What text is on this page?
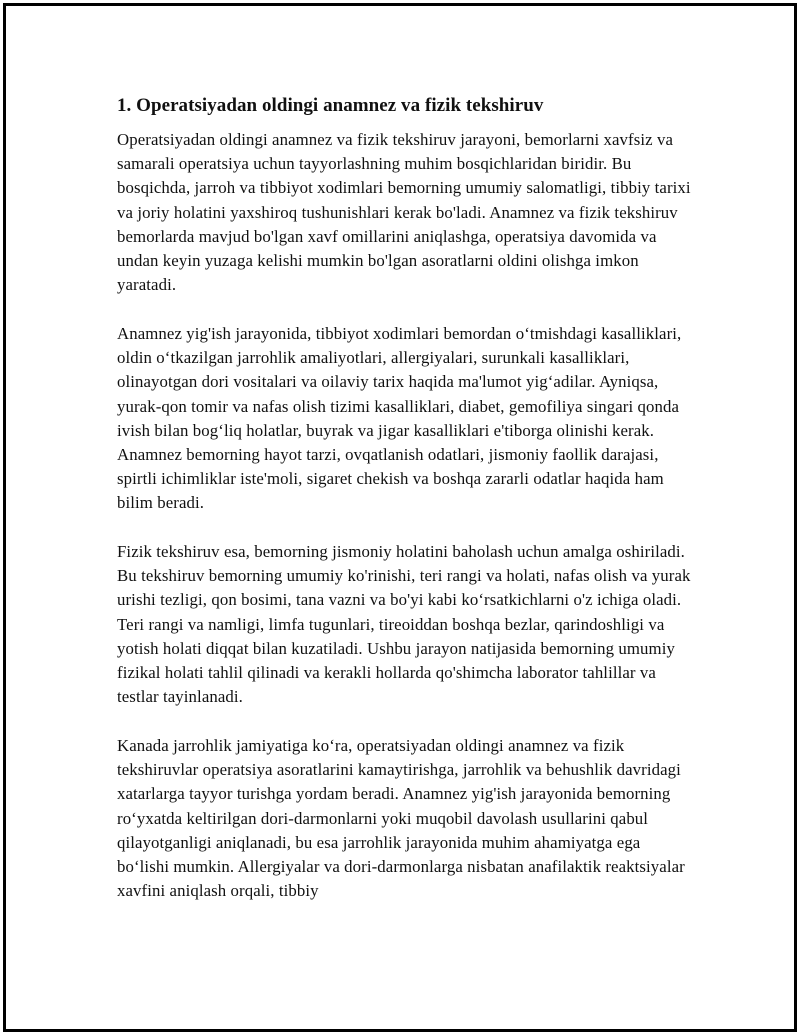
1. Operatsiyadan oldingi anamnez va fizik tekshiruv

Operatsiyadan oldingi anamnez va fizik tekshiruv jarayoni, bemorlarni xavfsiz va samarali operatsiya uchun tayyorlashning muhim bosqichlaridan biridir. Bu bosqichda, jarroh va tibbiyot xodimlari bemorning umumiy salomatligi, tibbiy tarixi va joriy holatini yaxshiroq tushunishlari kerak bo'ladi. Anamnez va fizik tekshiruv bemorlarda mavjud bo'lgan xavf omillarini aniqlashga, operatsiya davomida va undan keyin yuzaga kelishi mumkin bo'lgan asoratlarni oldini olishga imkon yaratadi.

Anamnez yig'ish jarayonida, tibbiyot xodimlari bemordan o‘tmishdagi kasalliklari, oldin o‘tkazilgan jarrohlik amaliyotlari, allergiyalari, surunkali kasalliklari, olinayotgan dori vositalari va oilaviy tarix haqida ma'lumot yig‘adilar. Ayniqsa, yurak-qon tomir va nafas olish tizimi kasalliklari, diabet, gemofiliya singari qonda ivish bilan bog‘liq holatlar, buyrak va jigar kasalliklari e'tiborga olinishi kerak. Anamnez bemorning hayot tarzi, ovqatlanish odatlari, jismoniy faollik darajasi, spirtli ichimliklar iste'moli, sigaret chekish va boshqa zararli odatlar haqida ham bilim beradi.

Fizik tekshiruv esa, bemorning jismoniy holatini baholash uchun amalga oshiriladi. Bu tekshiruv bemorning umumiy ko'rinishi, teri rangi va holati, nafas olish va yurak urishi tezligi, qon bosimi, tana vazni va bo'yi kabi ko‘rsatkichlarni o'z ichiga oladi. Teri rangi va namligi, limfa tugunlari, tireoiddan boshqa bezlar, qarindoshligi va yotish holati diqqat bilan kuzatiladi. Ushbu jarayon natijasida bemorning umumiy fizikal holati tahlil qilinadi va kerakli hollarda qo'shimcha laborator tahlillar va testlar tayinlanadi.

Kanada jarrohlik jamiyatiga ko‘ra, operatsiyadan oldingi anamnez va fizik tekshiruvlar operatsiya asoratlarini kamaytirishga, jarrohlik va behushlik davridagi xatarlarga tayyor turishga yordam beradi. Anamnez yig'ish jarayonida bemorning ro‘yxatda keltirilgan dori-darmonlarni yoki muqobil davolash usullarini qabul qilayotganligi aniqlanadi, bu esa jarrohlik jarayonida muhim ahamiyatga ega bo‘lishi mumkin. Allergiyalar va dori-darmonlarga nisbatan anafilaktik reaktsiyalar xavfini aniqlash orqali, tibbiy
